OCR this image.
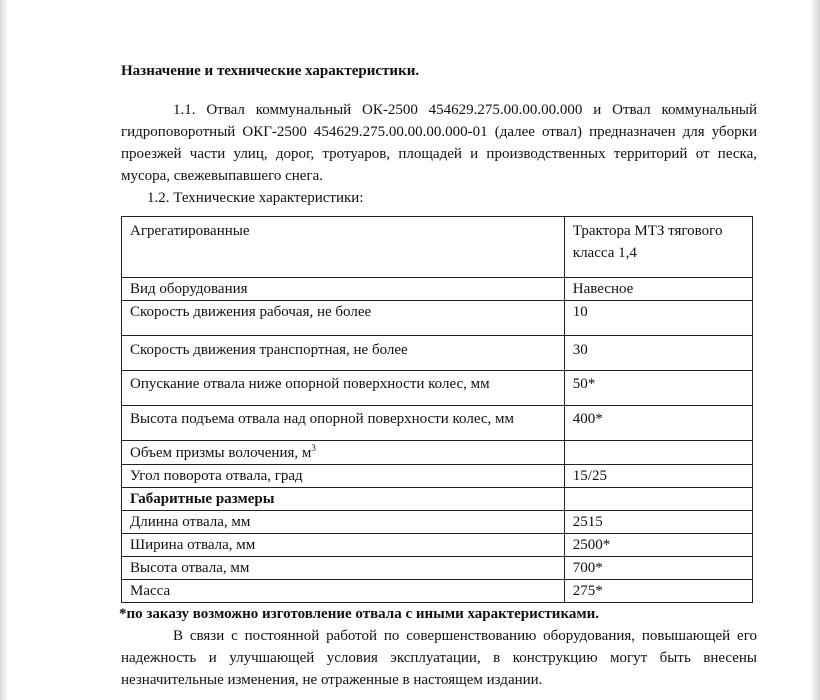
Назначение и технические характеристики.

1.1. Отвал коммунальный ОК-2500 454629.275.00.00.00.000 и Отвал коммунальный гидроповоротный ОКГ-2500 454629.275.00.00.00.000-01 (далее отвал) предназначен для уборки проезжей части улиц, дорог, тротуаров, площадей и производственных территорий от песка, мусора, свежевыпавшего снега.

1.2. Технические характеристики:

Агрегатированные	Трактора МТЗ тягового класса 1,4
Вид оборудования	Навесное
Скорость движения рабочая, не более	10
Скорость движения транспортная, не более	30
Опускание отвала ниже опорной поверхности колес, мм	50*
Высота подъема отвала над опорной поверхности колес, мм	400*
Объем призмы волочения, $м^3$	
Угол поворота отвала, град	15/25
Габаритные размеры	
Длинна отвала, мм	2515
Ширина отвала, мм	2500*
Высота отвала, мм	700*
Масса	275*

*по заказу возможно изготовление отвала с иными характеристиками.

В связи с постоянной работой по совершенствованию оборудования, повышающей его надежность и улучшающей условия эксплуатации, в конструкцию могут быть внесены незначительные изменения, не отраженные в настоящем издании.
